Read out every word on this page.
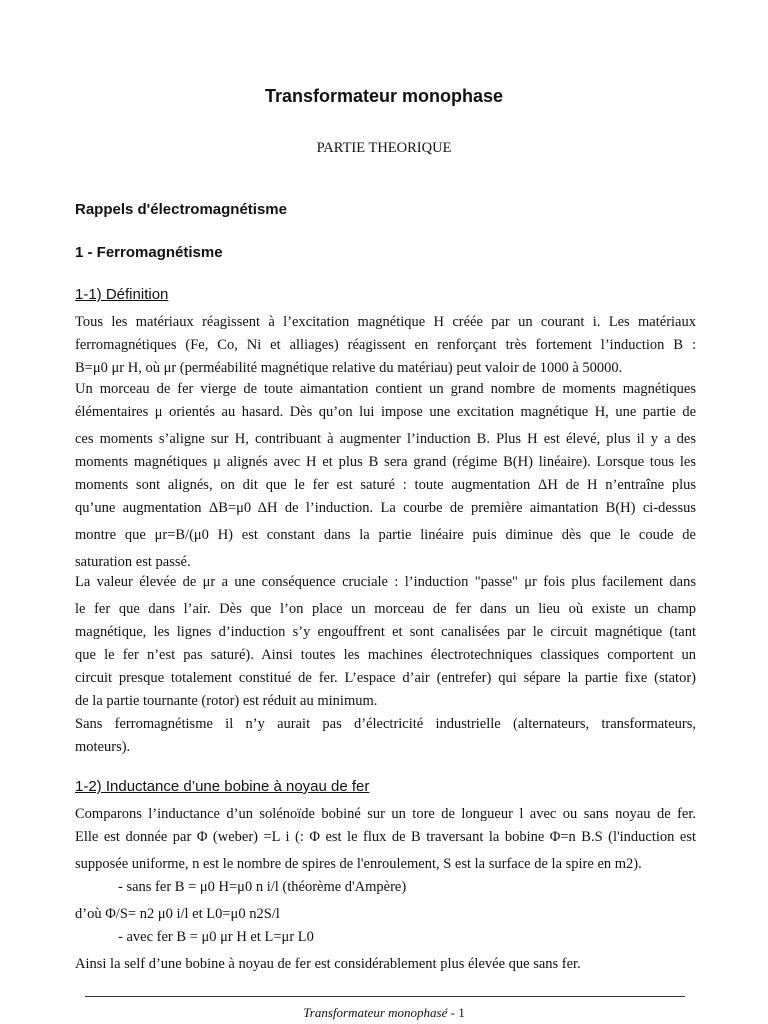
Transformateur monophase
PARTIE THEORIQUE
Rappels d'électromagnétisme
1 - Ferromagnétisme
1-1) Définition
Tous les matériaux réagissent à l’excitation magnétique H créée par un courant i. Les matériaux
ferromagnétiques (Fe, Co, Ni et alliages) réagissent en renforçant très fortement l’induction B :
B=μ0 μr H, où μr (perméabilité magnétique relative du matériau) peut valoir de 1000 à 50000.
Un morceau de fer vierge de toute aimantation contient un grand nombre de moments magnétiques
élémentaires μ orientés au hasard. Dès qu’on lui impose une excitation magnétique H, une partie de
ces moments s’aligne sur H, contribuant à augmenter l’induction B. Plus H est élevé, plus il y a des
moments magnétiques μ alignés avec H et plus B sera grand (régime B(H) linéaire). Lorsque tous les
moments sont alignés, on dit que le fer est saturé : toute augmentation ΔH de H n’entraîne plus
qu’une augmentation ΔB=μ0 ΔH de l’induction. La courbe de première aimantation B(H) ci-dessus
montre que μr=B/(μ0 H) est constant dans la partie linéaire puis diminue dès que le coude de
saturation est passé.
La valeur élevée de μr a une conséquence cruciale : l’induction "passe" μr fois plus facilement dans
le fer que dans l’air. Dès que l’on place un morceau de fer dans un lieu où existe un champ
magnétique, les lignes d’induction s’y engouffrent et sont canalisées par le circuit magnétique (tant
que le fer n’est pas saturé). Ainsi toutes les machines électrotechniques classiques comportent un
circuit presque totalement constitué de fer. L’espace d’air (entrefer) qui sépare la partie fixe (stator)
de la partie tournante (rotor) est réduit au minimum.
Sans ferromagnétisme il n’y aurait pas d’électricité industrielle (alternateurs, transformateurs,
moteurs).
1-2) Inductance d’une bobine à noyau de fer
Comparons l’inductance d’un solénoïde bobiné sur un tore de longueur l avec ou sans noyau de fer.
Elle est donnée par Φ (weber) =L i (: Φ est le flux de B traversant la bobine Φ=n B.S (l'induction est
supposée uniforme, n est le nombre de spires de l'enroulement, S est la surface de la spire en m2).
- sans fer B = μ0 H=μ0 n i/l (théorème d'Ampère)
d’où Φ/S= n2 μ0 i/l et L0=μ0 n2S/l
- avec fer B = μ0 μr H et L=μr L0
Ainsi la self d’une bobine à noyau de fer est considérablement plus élevée que sans fer.
Transformateur monophasé - 1
